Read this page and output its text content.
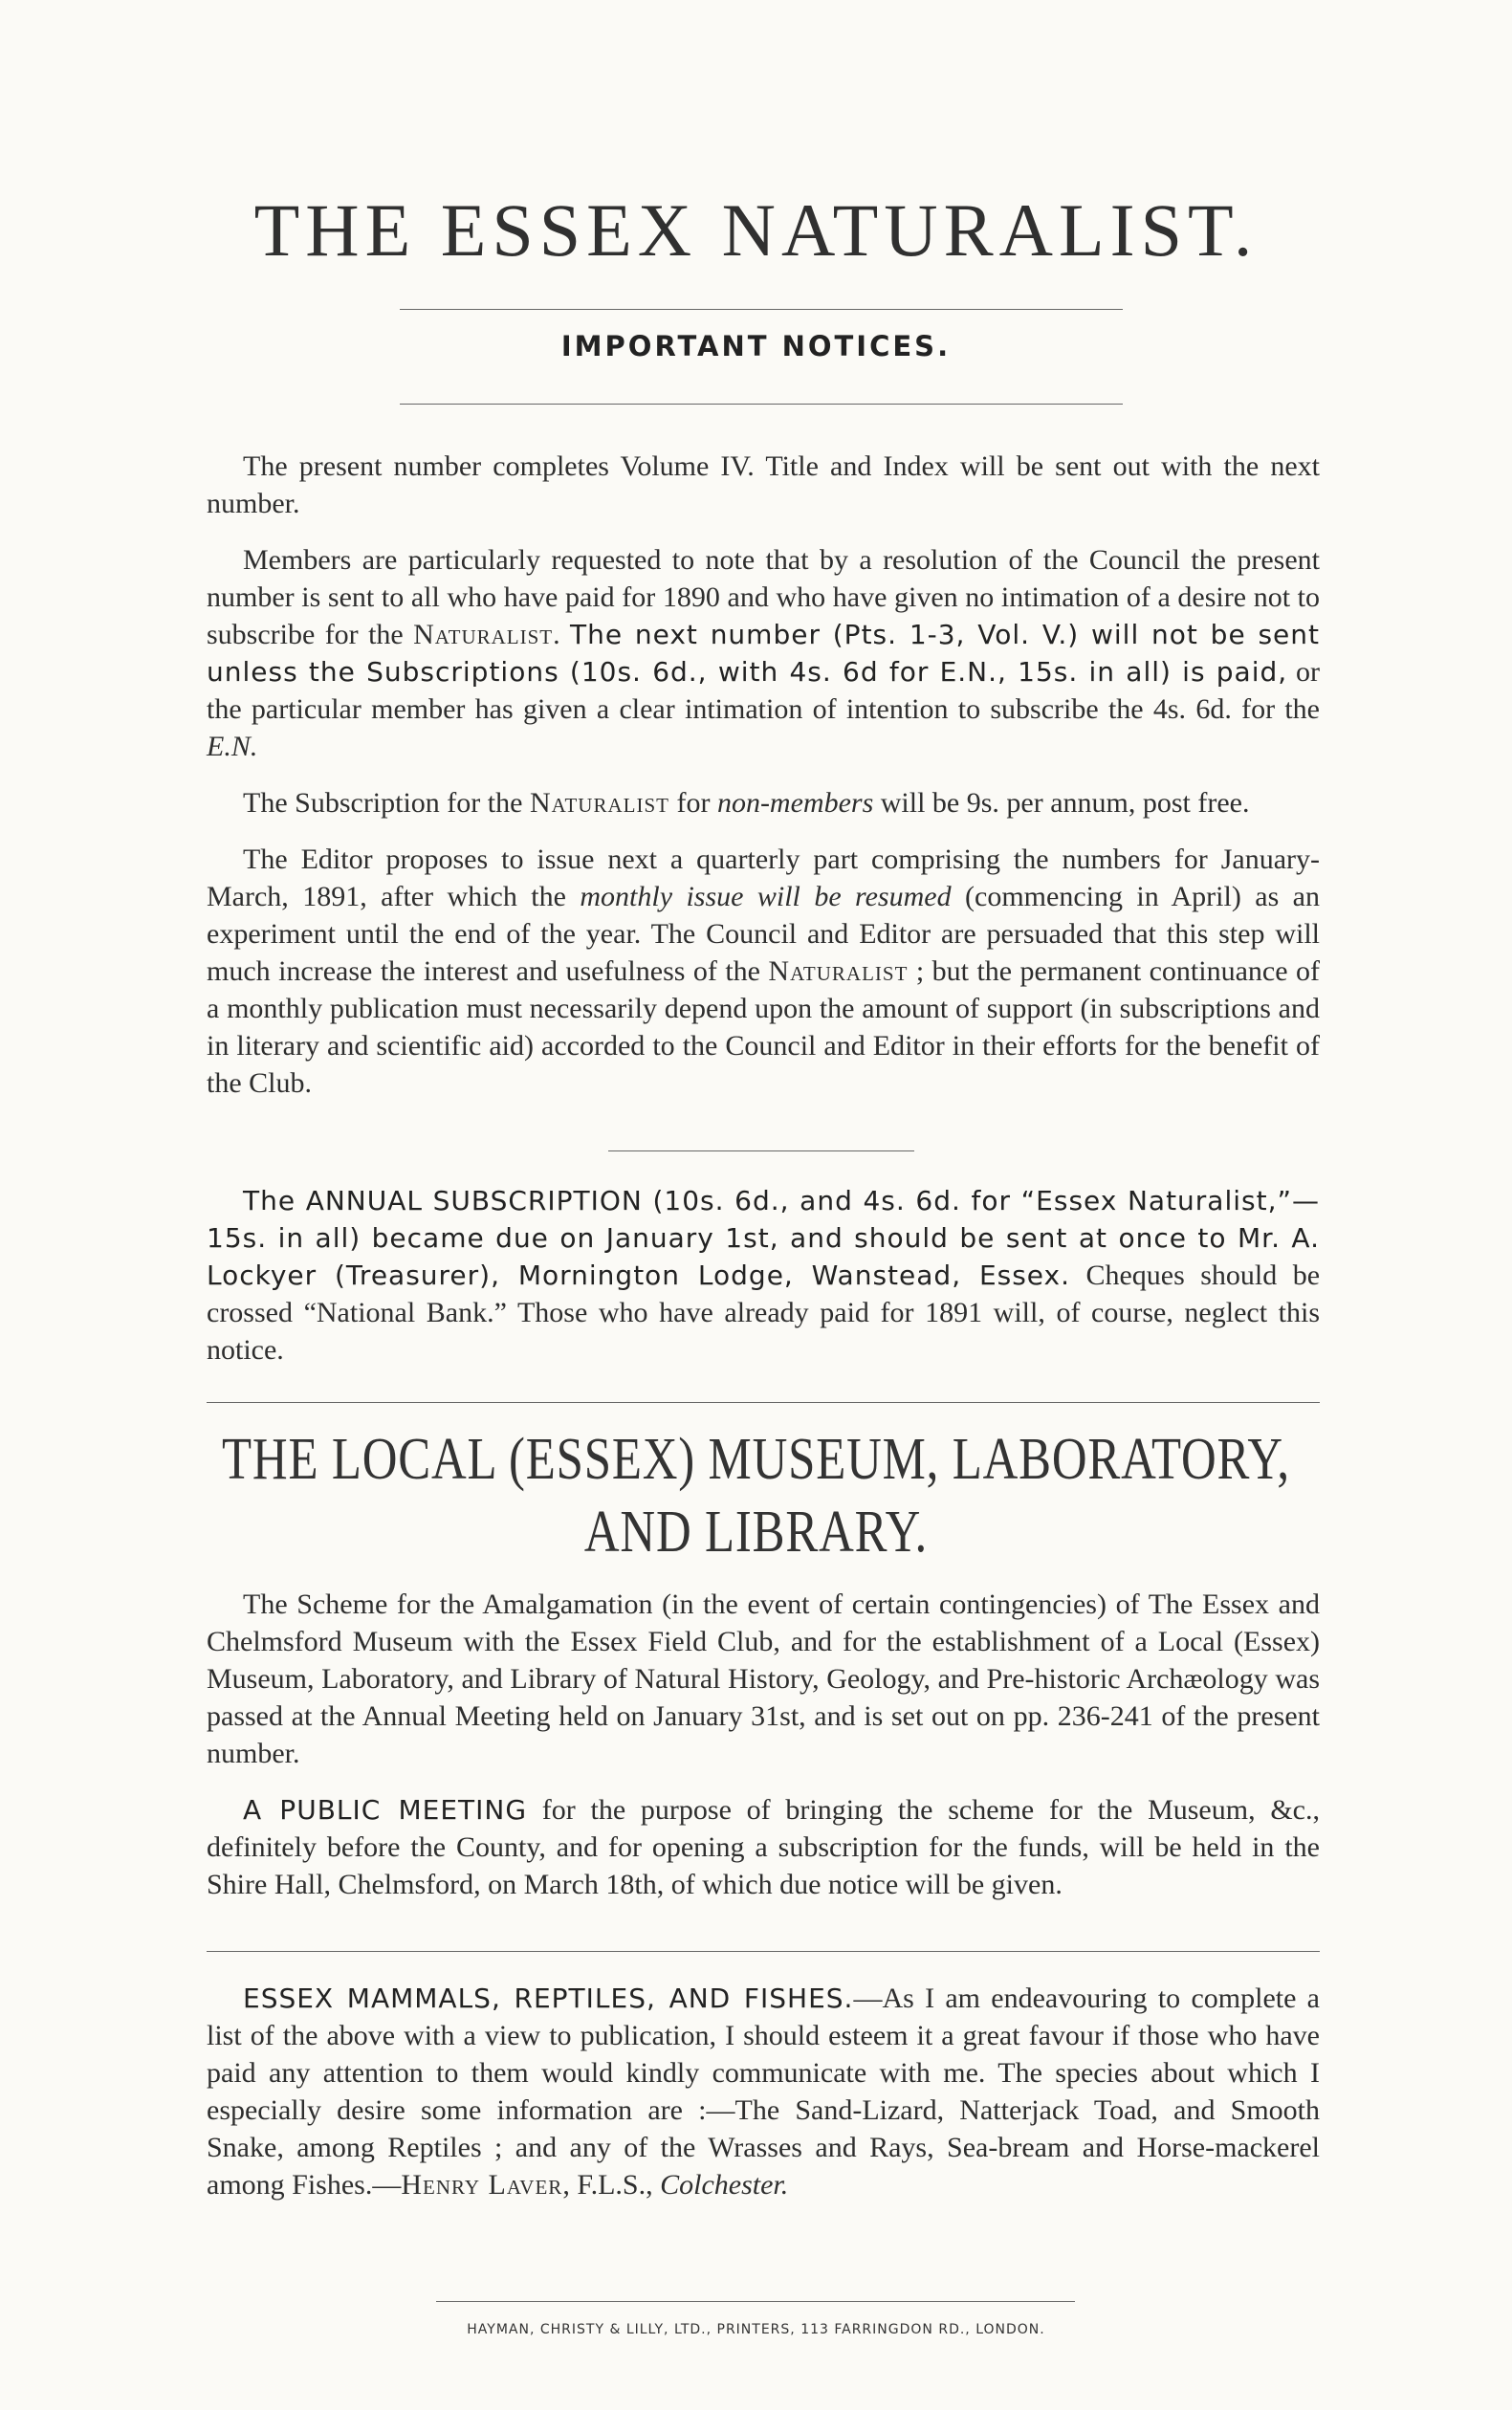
THE ESSEX NATURALIST.
IMPORTANT NOTICES.

The present number completes Volume IV. Title and Index will be sent out with the next number.

Members are particularly requested to note that by a resolution of the Council the present number is sent to all who have paid for 1890 and who have given no intimation of a desire not to subscribe for the Naturalist. The next number (Pts. 1-3, Vol. V.) will not be sent unless the Subscriptions (10s. 6d., with 4s. 6d for E.N., 15s. in all) is paid, or the particular member has given a clear intimation of intention to subscribe the 4s. 6d. for the E.N.

The Subscription for the Naturalist for non-members will be 9s. per annum, post free.

The Editor proposes to issue next a quarterly part comprising the numbers for January-March, 1891, after which the monthly issue will be resumed (commencing in April) as an experiment until the end of the year. The Council and Editor are persuaded that this step will much increase the interest and usefulness of the Naturalist ; but the permanent continuance of a monthly publication must necessarily depend upon the amount of support (in subscriptions and in literary and scientific aid) accorded to the Council and Editor in their efforts for the benefit of the Club.

The ANNUAL SUBSCRIPTION (10s. 6d., and 4s. 6d. for “Essex Naturalist,”—15s. in all) became due on January 1st, and should be sent at once to Mr. A. Lockyer (Treasurer), Mornington Lodge, Wanstead, Essex. Cheques should be crossed “National Bank.” Those who have already paid for 1891 will, of course, neglect this notice.

THE LOCAL (ESSEX) MUSEUM, LABORATORY,
AND LIBRARY.

The Scheme for the Amalgamation (in the event of certain contingencies) of The Essex and Chelmsford Museum with the Essex Field Club, and for the establishment of a Local (Essex) Museum, Laboratory, and Library of Natural History, Geology, and Pre-historic Archæology was passed at the Annual Meeting held on January 31st, and is set out on pp. 236-241 of the present number.

A PUBLIC MEETING for the purpose of bringing the scheme for the Museum, &c., definitely before the County, and for opening a subscription for the funds, will be held in the Shire Hall, Chelmsford, on March 18th, of which due notice will be given.

ESSEX MAMMALS, REPTILES, AND FISHES.—As I am endeavouring to complete a list of the above with a view to publication, I should esteem it a great favour if those who have paid any attention to them would kindly communicate with me. The species about which I especially desire some information are :—The Sand-Lizard, Natterjack Toad, and Smooth Snake, among Reptiles ; and any of the Wrasses and Rays, Sea-bream and Horse-mackerel among Fishes.—Henry Laver, F.L.S., Colchester.

HAYMAN, CHRISTY & LILLY, LTD., PRINTERS, 113 FARRINGDON RD., LONDON.
